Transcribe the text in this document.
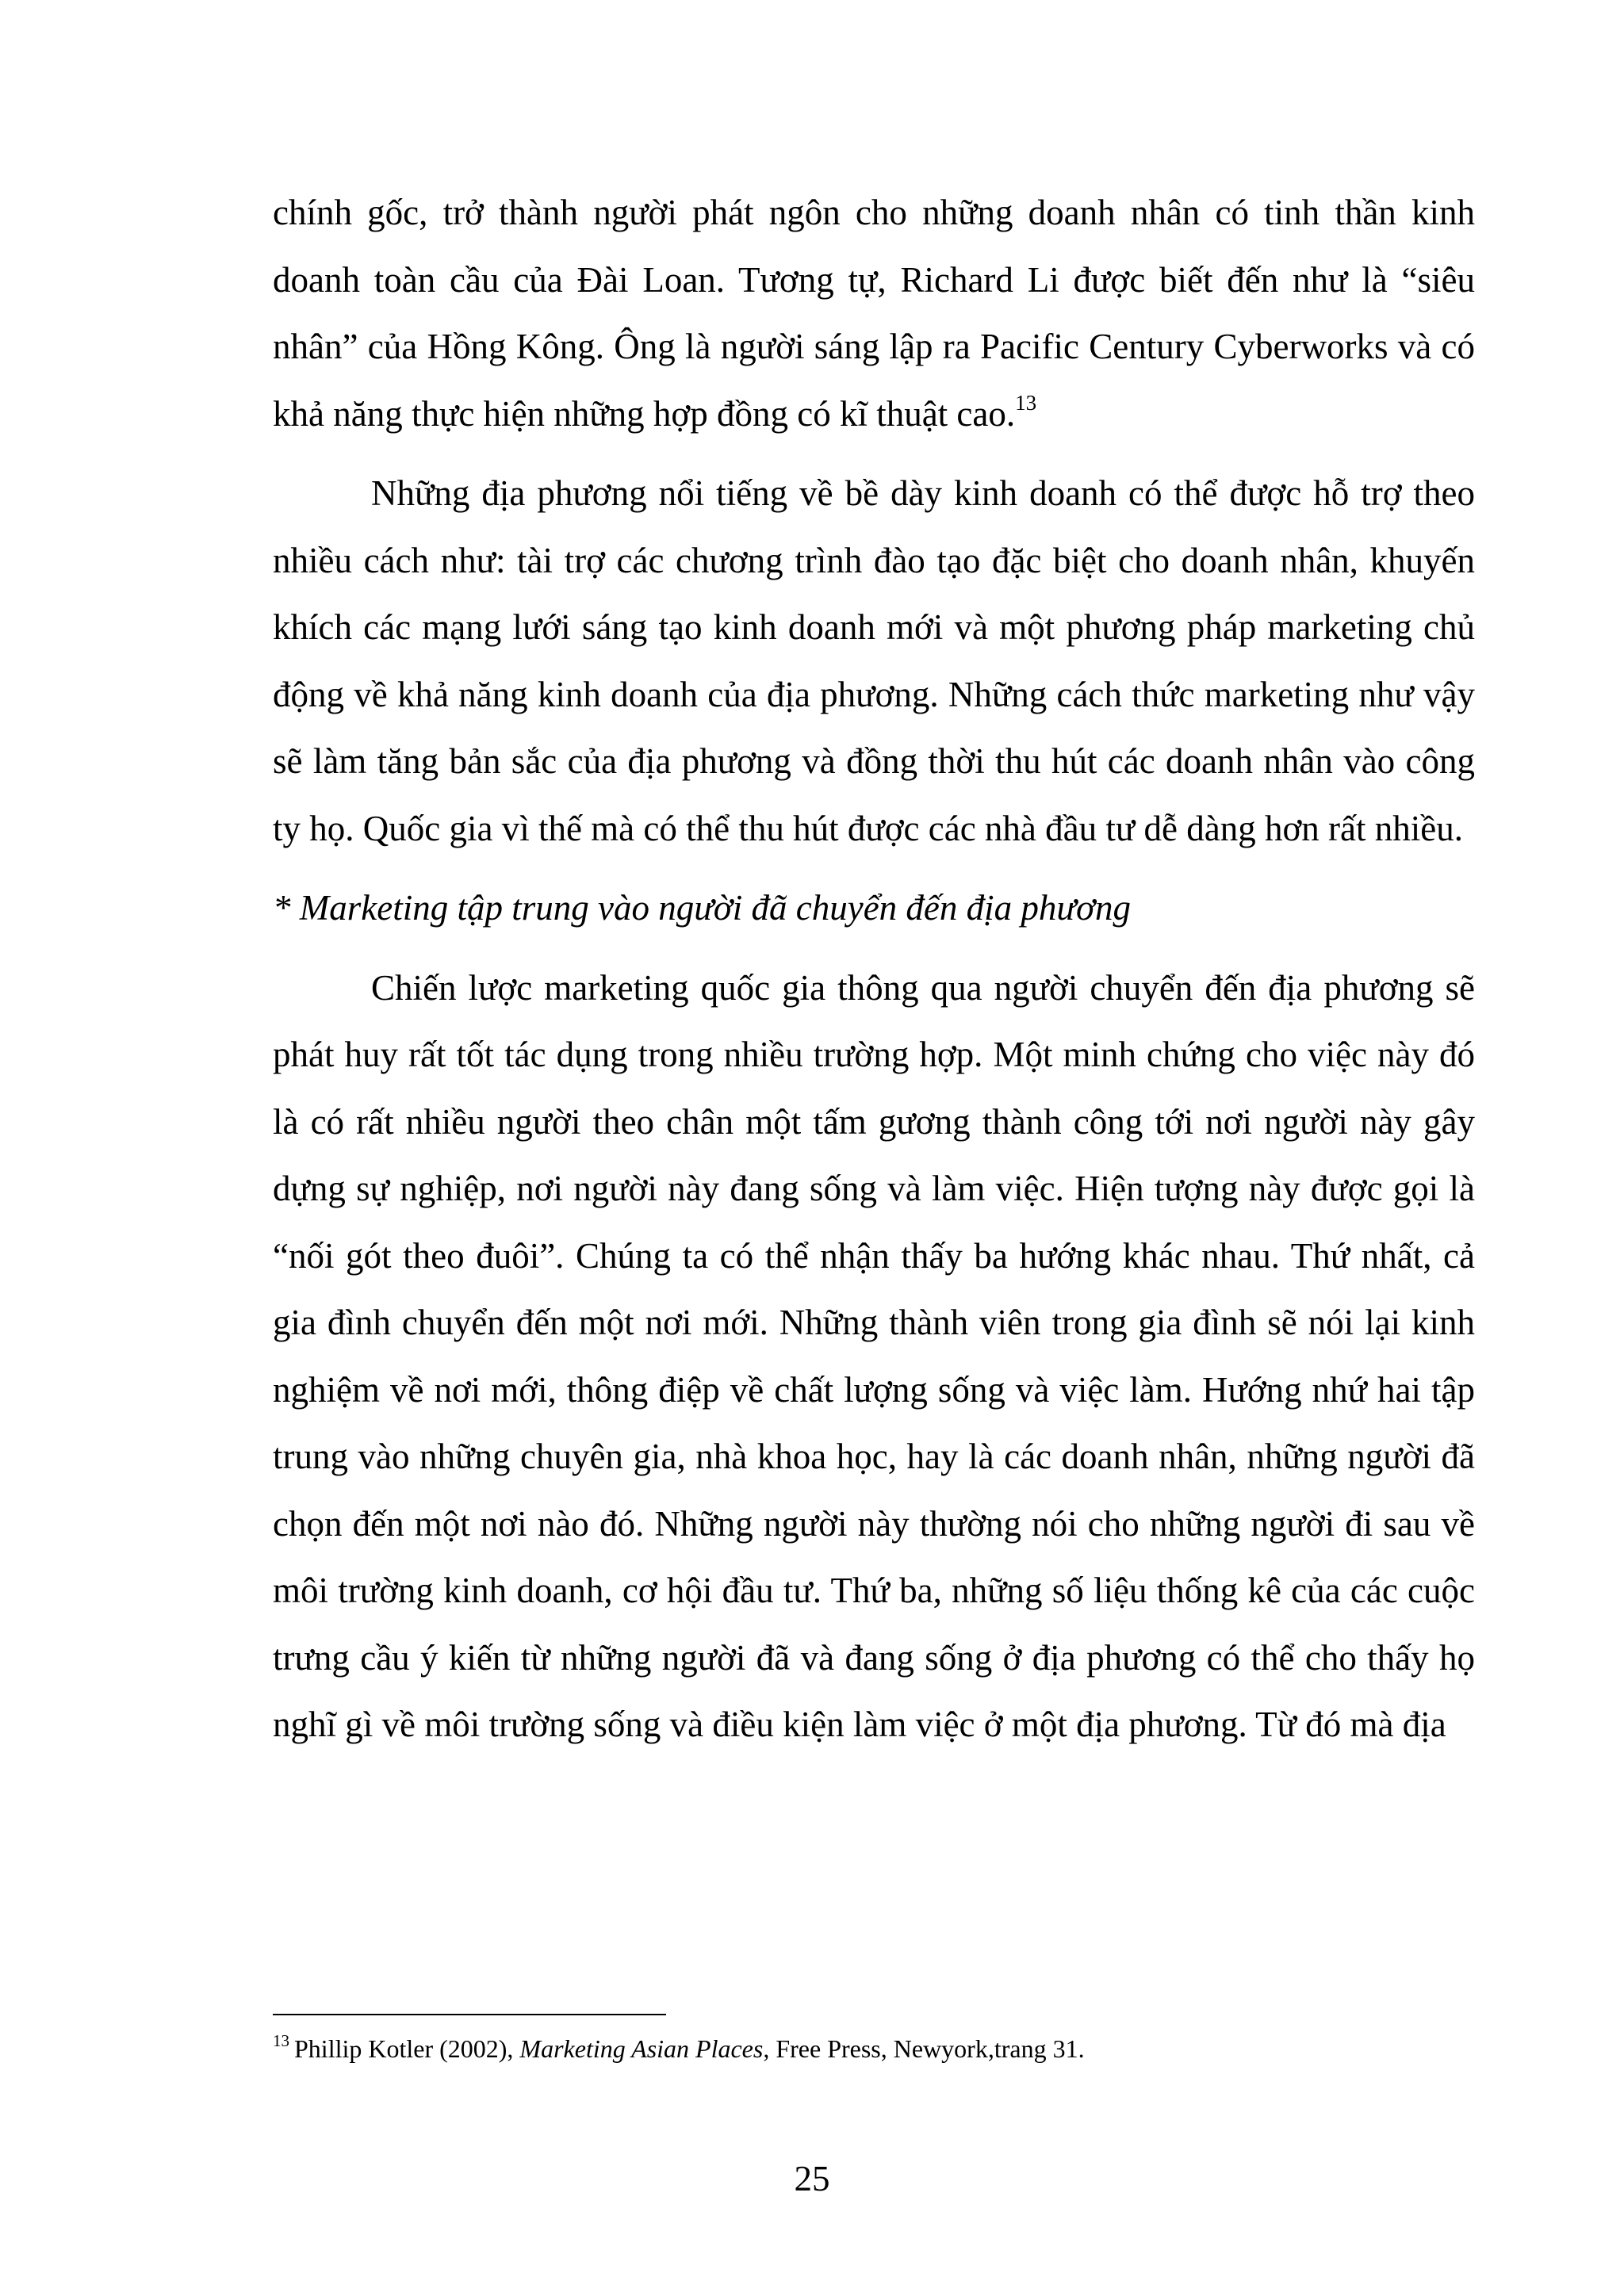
chính gốc, trở thành người phát ngôn cho những doanh nhân có tinh thần kinh doanh toàn cầu của Đài Loan. Tương tự, Richard Li được biết đến như là “siêu nhân” của Hồng Kông. Ông là người sáng lập ra Pacific Century Cyberworks và có khả năng thực hiện những hợp đồng có kĩ thuật cao.$^{13}$

Những địa phương nổi tiếng về bề dày kinh doanh có thể được hỗ trợ theo nhiều cách như: tài trợ các chương trình đào tạo đặc biệt cho doanh nhân, khuyến khích các mạng lưới sáng tạo kinh doanh mới và một phương pháp marketing chủ động về khả năng kinh doanh của địa phương. Những cách thức marketing như vậy sẽ làm tăng bản sắc của địa phương và đồng thời thu hút các doanh nhân vào công ty họ. Quốc gia vì thế mà có thể thu hút được các nhà đầu tư dễ dàng hơn rất nhiều.

* Marketing tập trung vào người đã chuyển đến địa phương

Chiến lược marketing quốc gia thông qua người chuyển đến địa phương sẽ phát huy rất tốt tác dụng trong nhiều trường hợp. Một minh chứng cho việc này đó là có rất nhiều người theo chân một tấm gương thành công tới nơi người này gây dựng sự nghiệp, nơi người này đang sống và làm việc. Hiện tượng này được gọi là “nối gót theo đuôi”. Chúng ta có thể nhận thấy ba hướng khác nhau. Thứ nhất, cả gia đình chuyển đến một nơi mới. Những thành viên trong gia đình sẽ nói lại kinh nghiệm về nơi mới, thông điệp về chất lượng sống và việc làm. Hướng nhứ hai tập trung vào những chuyên gia, nhà khoa học, hay là các doanh nhân, những người đã chọn đến một nơi nào đó. Những người này thường nói cho những người đi sau về môi trường kinh doanh, cơ hội đầu tư. Thứ ba, những số liệu thống kê của các cuộc trưng cầu ý kiến từ những người đã và đang sống ở địa phương có thể cho thấy họ nghĩ gì về môi trường sống và điều kiện làm việc ở một địa phương. Từ đó mà địa

$^{13}$ Phillip Kotler (2002), Marketing Asian Places, Free Press, Newyork,trang 31.
25
